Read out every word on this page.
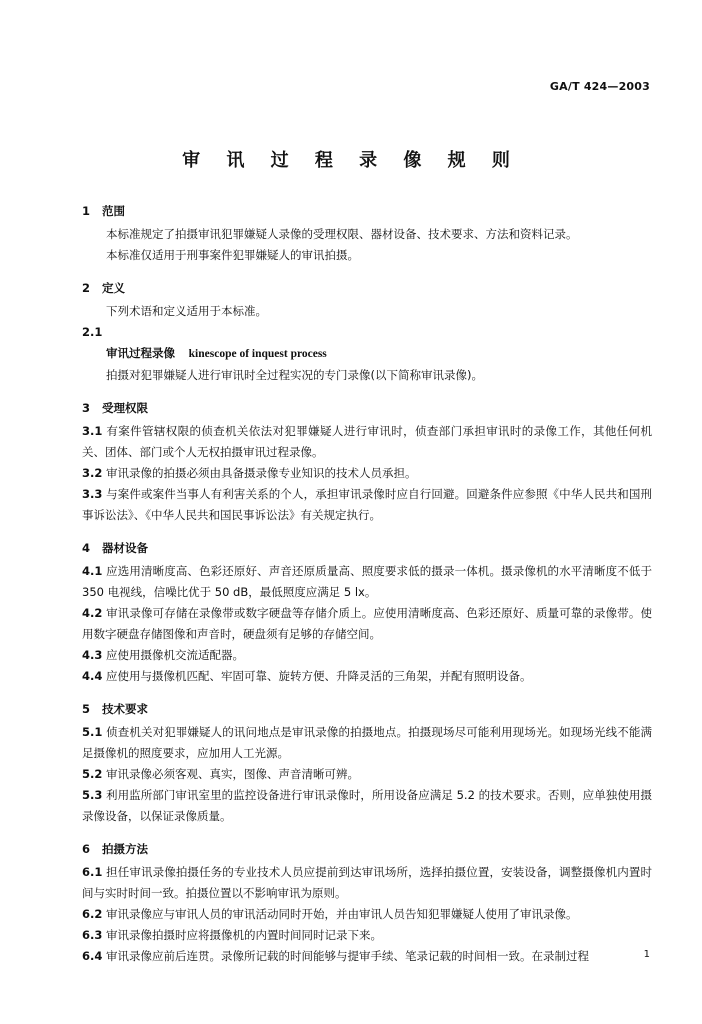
GA/T 424—2003
审 讯 过 程 录 像 规 则
1	范围
本标准规定了拍摄审讯犯罪嫌疑人录像的受理权限、器材设备、技术要求、方法和资料记录。
本标准仅适用于刑事案件犯罪嫌疑人的审讯拍摄。
2	定义
下列术语和定义适用于本标准。
2.1
审讯过程录像 kinescope of inquest process
拍摄对犯罪嫌疑人进行审讯时全过程实况的专门录像(以下简称审讯录像)。
3	受理权限
3.1 有案件管辖权限的侦查机关依法对犯罪嫌疑人进行审讯时，侦查部门承担审讯时的录像工作，其他任何机关、团体、部门或个人无权拍摄审讯过程录像。
3.2 审讯录像的拍摄必须由具备摄录像专业知识的技术人员承担。
3.3 与案件或案件当事人有利害关系的个人，承担审讯录像时应自行回避。回避条件应参照《中华人民共和国刑事诉讼法》、《中华人民共和国民事诉讼法》有关规定执行。
4	器材设备
4.1 应选用清晰度高、色彩还原好、声音还原质量高、照度要求低的摄录一体机。摄录像机的水平清晰度不低于 350 电视线，信噪比优于 50 dB，最低照度应满足 5 lx。
4.2 审讯录像可存储在录像带或数字硬盘等存储介质上。应使用清晰度高、色彩还原好、质量可靠的录像带。使用数字硬盘存储图像和声音时，硬盘须有足够的存储空间。
4.3 应使用摄像机交流适配器。
4.4 应使用与摄像机匹配、牢固可靠、旋转方便、升降灵活的三角架，并配有照明设备。
5	技术要求
5.1 侦查机关对犯罪嫌疑人的讯问地点是审讯录像的拍摄地点。拍摄现场尽可能利用现场光。如现场光线不能满足摄像机的照度要求，应加用人工光源。
5.2 审讯录像必须客观、真实，图像、声音清晰可辨。
5.3 利用监所部门审讯室里的监控设备进行审讯录像时，所用设备应满足 5.2 的技术要求。否则，应单独使用摄录像设备，以保证录像质量。
6	拍摄方法
6.1 担任审讯录像拍摄任务的专业技术人员应提前到达审讯场所，选择拍摄位置，安装设备，调整摄像机内置时间与实时时间一致。拍摄位置以不影响审讯为原则。
6.2 审讯录像应与审讯人员的审讯活动同时开始，并由审讯人员告知犯罪嫌疑人使用了审讯录像。
6.3 审讯录像拍摄时应将摄像机的内置时间同时记录下来。
6.4 审讯录像应前后连贯。录像所记载的时间能够与提审手续、笔录记载的时间相一致。在录制过程	1
